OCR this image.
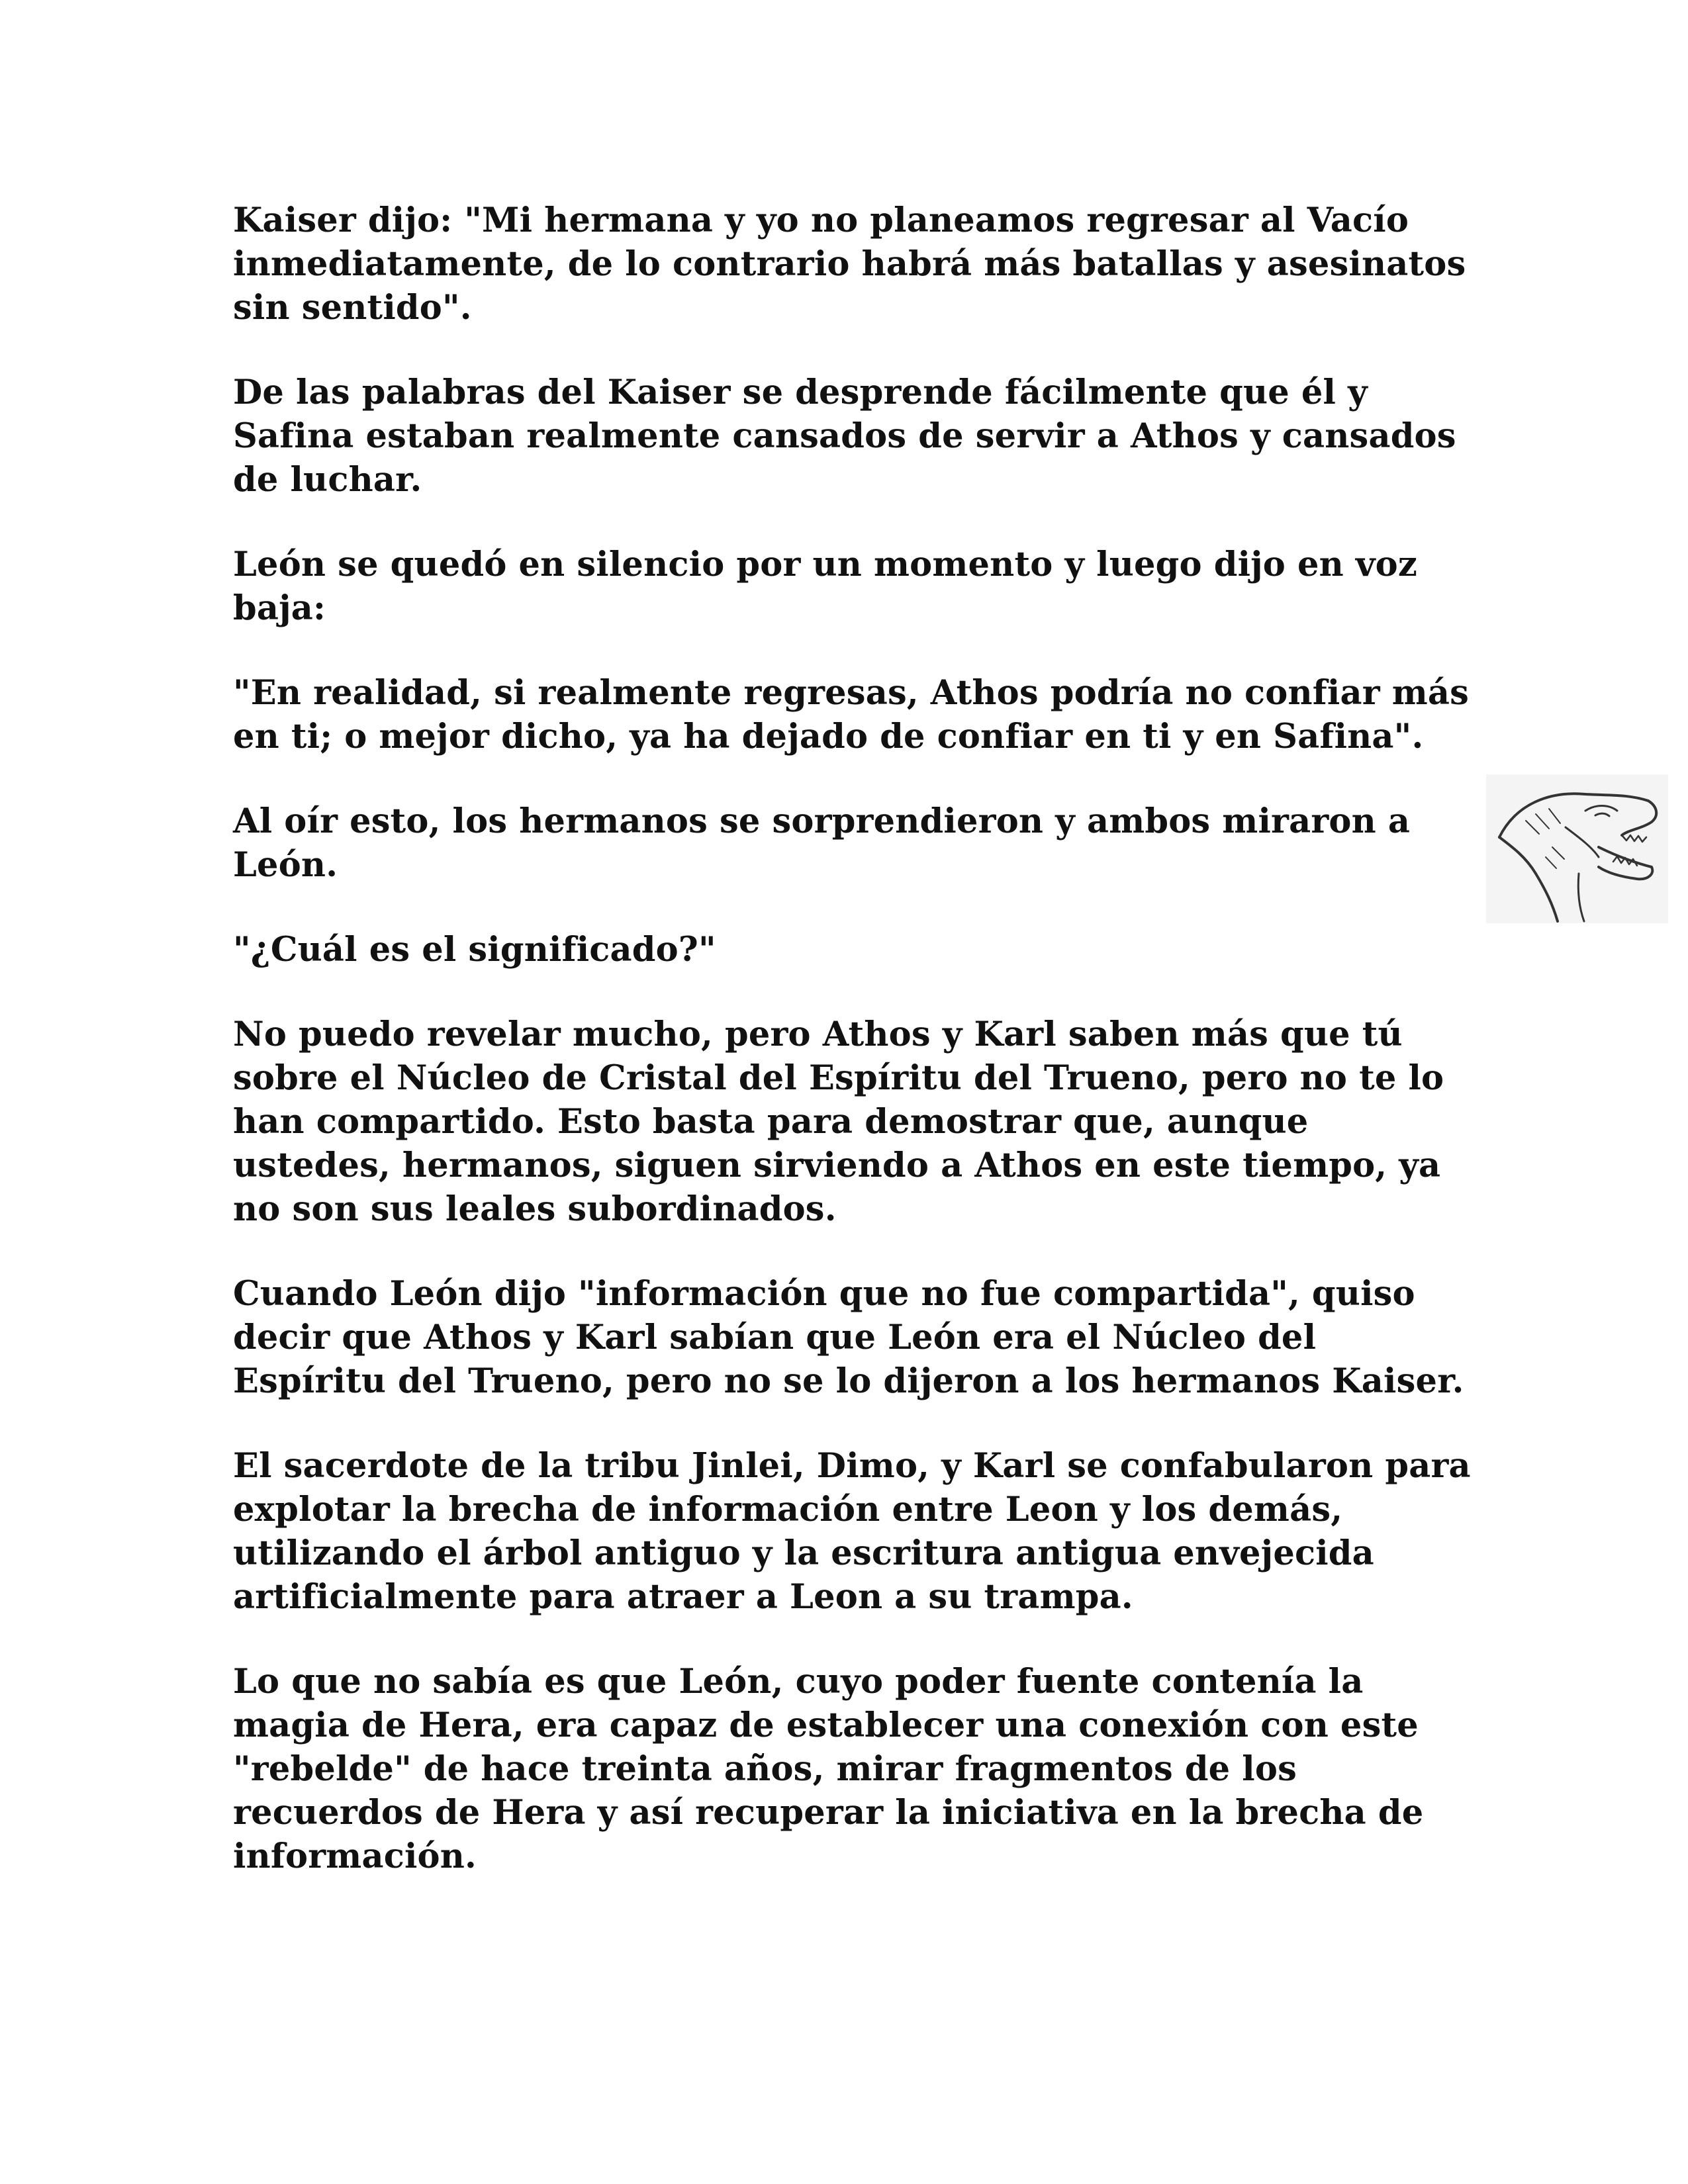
Kaiser dijo: "Mi hermana y yo no planeamos regresar al Vacío inmediatamente, de lo contrario habrá más batallas y asesinatos sin sentido".

De las palabras del Kaiser se desprende fácilmente que él y Safina estaban realmente cansados de servir a Athos y cansados de luchar.

León se quedó en silencio por un momento y luego dijo en voz baja:

"En realidad, si realmente regresas, Athos podría no confiar más en ti; o mejor dicho, ya ha dejado de confiar en ti y en Safina".

Al oír esto, los hermanos se sorprendieron y ambos miraron a León.

"¿Cuál es el significado?"

No puedo revelar mucho, pero Athos y Karl saben más que tú sobre el Núcleo de Cristal del Espíritu del Trueno, pero no te lo han compartido. Esto basta para demostrar que, aunque ustedes, hermanos, siguen sirviendo a Athos en este tiempo, ya no son sus leales subordinados.

Cuando León dijo "información que no fue compartida", quiso decir que Athos y Karl sabían que León era el Núcleo del Espíritu del Trueno, pero no se lo dijeron a los hermanos Kaiser.

El sacerdote de la tribu Jinlei, Dimo, y Karl se confabularon para explotar la brecha de información entre Leon y los demás, utilizando el árbol antiguo y la escritura antigua envejecida artificialmente para atraer a Leon a su trampa.

Lo que no sabía es que León, cuyo poder fuente contenía la magia de Hera, era capaz de establecer una conexión con este "rebelde" de hace treinta años, mirar fragmentos de los recuerdos de Hera y así recuperar la iniciativa en la brecha de información.
